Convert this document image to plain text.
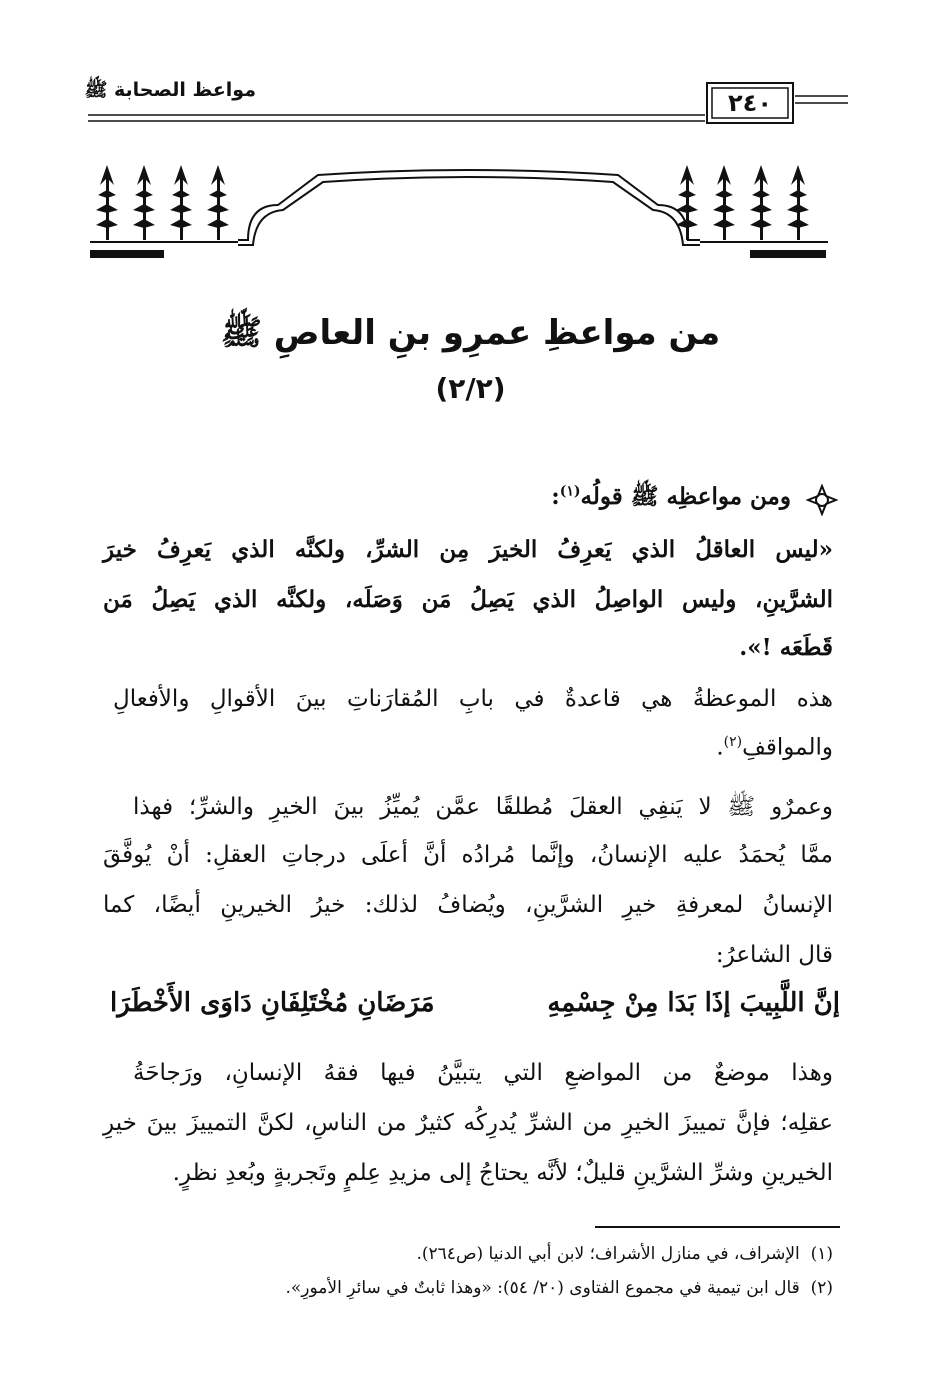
مواعظ الصحابة ﷺ	٢٤٠
من مواعظِ عمرِو بنِ العاصِ ﷺ
(٢/٢)
ومن مواعظِه ﷺ قولُه$^{(١)}$:
«ليس العاقلُ الذي يَعرِفُ الخيرَ مِن الشرِّ، ولكنَّه الذي يَعرِفُ خيرَ
الشرَّينِ، وليس الواصِلُ الذي يَصِلُ مَن وَصَلَه، ولكنَّه الذي يَصِلُ مَن
قَطَعَه !».
هذه الموعظةُ هي قاعدةٌ في بابِ المُقارَناتِ بينَ الأقوالِ والأفعالِ
والمواقفِ$^{(٢)}$.
وعمرٌو ﷺ لا يَنفِي العقلَ مُطلقًا عمَّن يُميِّزُ بينَ الخيرِ والشرِّ؛ فهذا
ممَّا يُحمَدُ عليه الإنسانُ، وإنَّما مُرادُه أنَّ أعلَى درجاتِ العقلِ: أنْ يُوفَّقَ
الإنسانُ لمعرفةِ خيرِ الشرَّينِ، ويُضافُ لذلك: خيرُ الخيرينِ أيضًا، كما
قال الشاعرُ:
إنَّ اللَّبِيبَ إذَا بَدَا مِنْ جِسْمِهِ
مَرَضَانِ مُخْتَلِفَانِ دَاوَى الأَخْطَرَا
وهذا موضعٌ من المواضعِ التي يتبيَّنُ فيها فقهُ الإنسانِ، ورَجاحَةُ
عقلِه؛ فإنَّ تمييزَ الخيرِ من الشرِّ يُدرِكُه كثيرٌ من الناسِ، لكنَّ التمييزَ بينَ خيرِ
الخيرينِ وشرِّ الشرَّينِ قليلٌ؛ لأنَّه يحتاجُ إلى مزيدِ عِلمٍ وتَجربةٍ وبُعدِ نظرٍ.
(١)  الإشراف، في منازل الأشراف؛ لابن أبي الدنيا (ص٢٦٤).
(٢)  قال ابن تيمية في مجموع الفتاوى (٢٠/ ٥٤): «وهذا ثابتٌ في سائرِ الأمورِ».
